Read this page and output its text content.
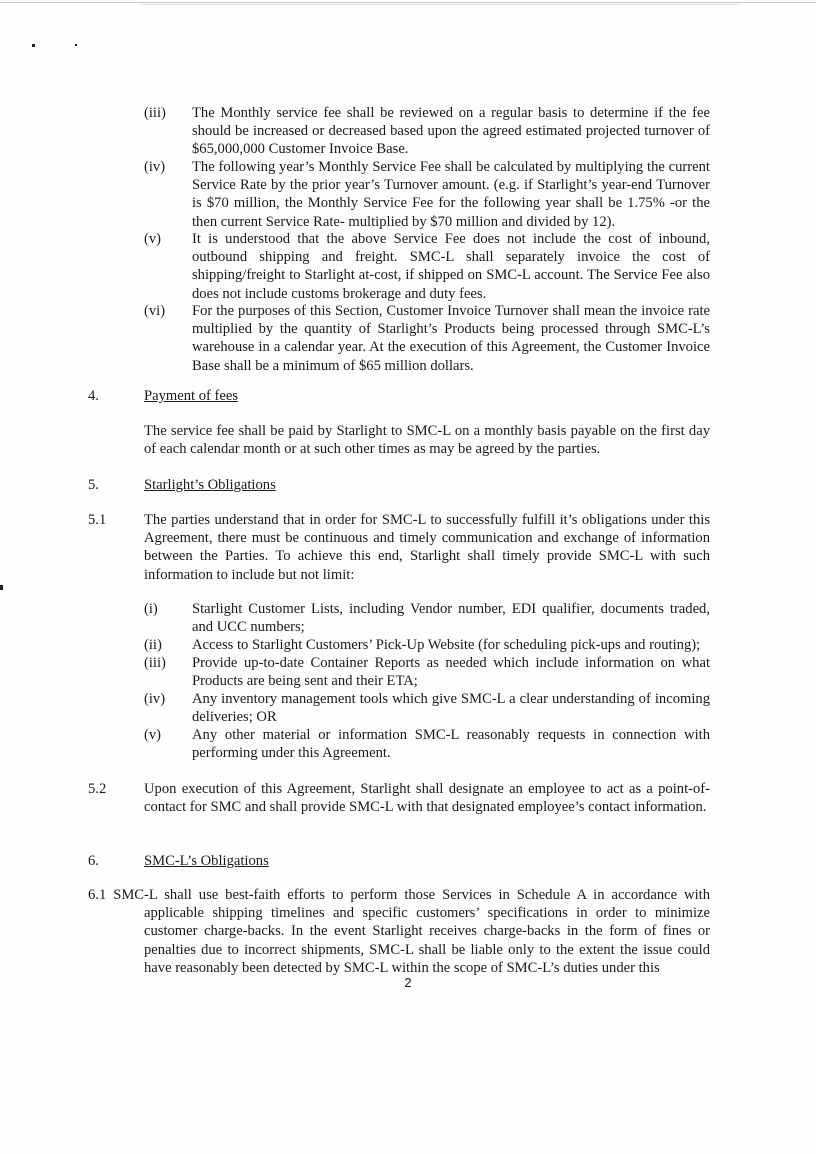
(iii)	The Monthly service fee shall be reviewed on a regular basis to determine if the fee should be increased or decreased based upon the agreed estimated projected turnover of $65,000,000 Customer Invoice Base.
(iv)	The following year’s Monthly Service Fee shall be calculated by multiplying the current Service Rate by the prior year’s Turnover amount. (e.g. if Starlight’s year-end Turnover is $70 million, the Monthly Service Fee for the following year shall be 1.75% -or the then current Service Rate- multiplied by $70 million and divided by 12).
(v)	It is understood that the above Service Fee does not include the cost of inbound, outbound shipping and freight. SMC-L shall separately invoice the cost of shipping/freight to Starlight at-cost, if shipped on SMC-L account. The Service Fee also does not include customs brokerage and duty fees.
(vi)	For the purposes of this Section, Customer Invoice Turnover shall mean the invoice rate multiplied by the quantity of Starlight’s Products being processed through SMC-L’s warehouse in a calendar year. At the execution of this Agreement, the Customer Invoice Base shall be a minimum of $65 million dollars.
4.	Payment of fees
The service fee shall be paid by Starlight to SMC-L on a monthly basis payable on the first day of each calendar month or at such other times as may be agreed by the parties.
5.	Starlight’s Obligations
5.1	The parties understand that in order for SMC-L to successfully fulfill it’s obligations under this Agreement, there must be continuous and timely communication and exchange of information between the Parties. To achieve this end, Starlight shall timely provide SMC-L with such information to include but not limit:
(i)	Starlight Customer Lists, including Vendor number, EDI qualifier, documents traded, and UCC numbers;
(ii)	Access to Starlight Customers’ Pick-Up Website (for scheduling pick-ups and routing);
(iii)	Provide up-to-date Container Reports as needed which include information on what Products are being sent and their ETA;
(iv)	Any inventory management tools which give SMC-L a clear understanding of incoming deliveries; OR
(v)	Any other material or information SMC-L reasonably requests in connection with performing under this Agreement.
5.2	Upon execution of this Agreement, Starlight shall designate an employee to act as a point-of-contact for SMC and shall provide SMC-L with that designated employee’s contact information.
6.	SMC-L’s Obligations
6.1 SMC-L shall use best-faith efforts to perform those Services in Schedule A in accordance with applicable shipping timelines and specific customers’ specifications in order to minimize customer charge-backs. In the event Starlight receives charge-backs in the form of fines or penalties due to incorrect shipments, SMC-L shall be liable only to the extent the issue could have reasonably been detected by SMC-L within the scope of SMC-L’s duties under this
2
